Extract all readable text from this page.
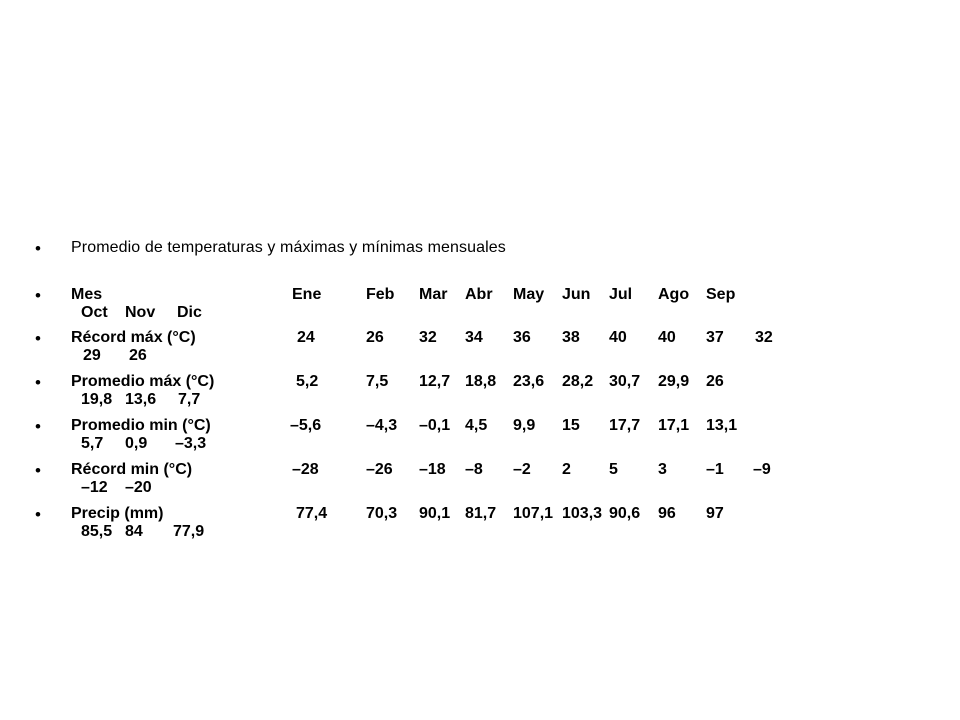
• Promedio de temperaturas y máximas y mínimas mensuales
• Mes	Ene	Feb Mar Abr May Jun Jul Ago Sep
Oct Nov Dic
• Récord máx (°C)	24	26 32 34 36 38 40 40 37 32
29 26
• Promedio máx (°C)	5,2	7,5 12,7 18,8 23,6 28,2 30,7 29,9 26
19,8 13,6 7,7
• Promedio min (°C)	–5,6	–4,3 –0,1 4,5 9,9 15 17,7 17,1 13,1
5,7 0,9 –3,3
• Récord min (°C)	–28	–26 –18 –8 –2 2 5	3 –1 –9
–12 –20
• Precip (mm)	77,4 70,3 90,1 81,7 107,1 103,3 90,6 96 97
85,5 84 77,9
